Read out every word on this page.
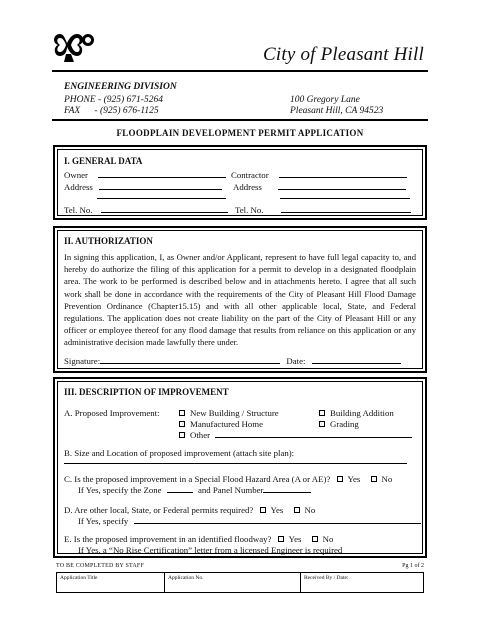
City of Pleasant Hill
ENGINEERING DIVISION
PHONE - (925) 671-5264
FAX      - (925) 676-1125
100 Gregory Lane
Pleasant Hill, CA 94523
FLOODPLAIN DEVELOPMENT PERMIT APPLICATION
I. GENERAL DATA
Owner	Contractor
Address	Address
Tel. No.	Tel. No.
II. AUTHORIZATION
In signing this application, I, as Owner and/or Applicant, represent to have full legal capacity to, and hereby do authorize the filing of this application for a permit to develop in a designated floodplain area. The work to be performed is described below and in attachments hereto. I agree that all such work shall be done in accordance with the requirements of the City of Pleasant Hill Flood Damage Prevention Ordinance (Chapter15.15) and with all other applicable local, State, and Federal regulations. The application does not create liability on the part of the City of Pleasant Hill or any officer or employee thereof for any flood damage that results from reliance on this application or any administrative decision made lawfully there under.
Signature:	Date:
III. DESCRIPTION OF IMPROVEMENT
A. Proposed Improvement:	New Building / Structure	Building Addition
Manufactured Home	Grading
Other
B. Size and Location of proposed improvement (attach site plan):
C. Is the proposed improvement in a Special Flood Hazard Area (A or AE)? Yes No
If Yes, specify the Zone	and Panel Number
D. Are other local, State, or Federal permits required? Yes No
If Yes, specify
E. Is the proposed improvement in an identified floodway? Yes No
If Yes, a “No Rise Certification” letter from a licensed Engineer is required
TO BE COMPLETED BY STAFF	Pg 1 of 2
Application Title	Application No.	Received By / Date:
